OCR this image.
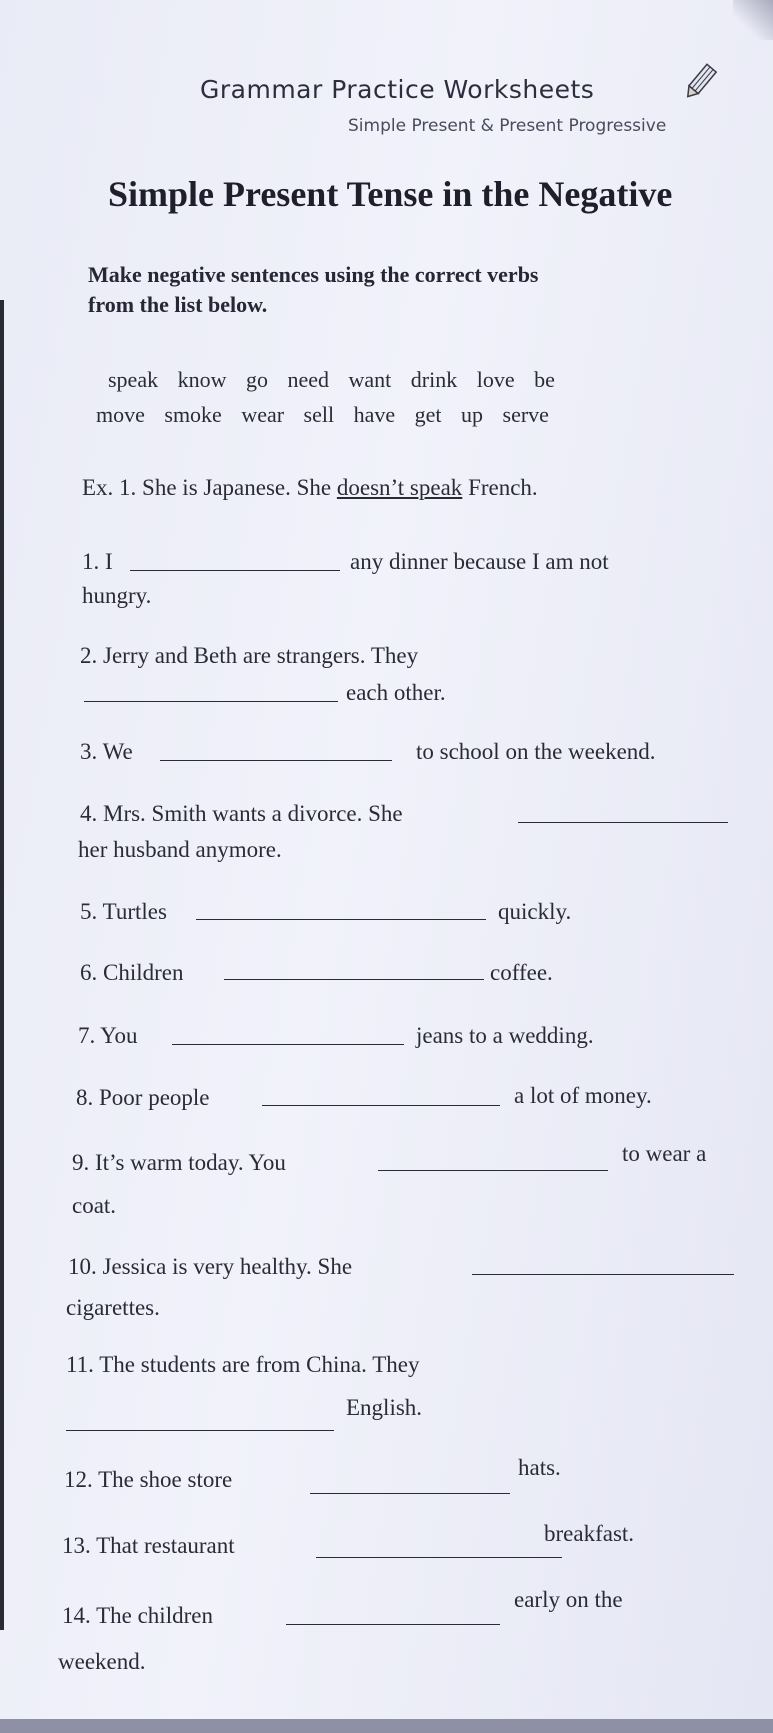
Grammar Practice Worksheets
Simple Present & Present Progressive
Simple Present Tense in the Negative
Make negative sentences using the correct verbs
from the list below.
speak know go need want drink love be
move smoke wear sell have get up serve
Ex. 1. She is Japanese. She doesn’t speak French.
1. I	any dinner because I am not
hungry.
2. Jerry and Beth are strangers. They
each other.
3. We	to school on the weekend.
4. Mrs. Smith wants a divorce. She
her husband anymore.
5. Turtles	quickly.
6. Children	coffee.
7. You	jeans to a wedding.
8. Poor people	a lot of money.
9. It’s warm today. You	to wear a
coat.
10. Jessica is very healthy. She
cigarettes.
11. The students are from China. They
English.
12. The shoe store	hats.
13. That restaurant	breakfast.
14. The children
early on the
weekend.
